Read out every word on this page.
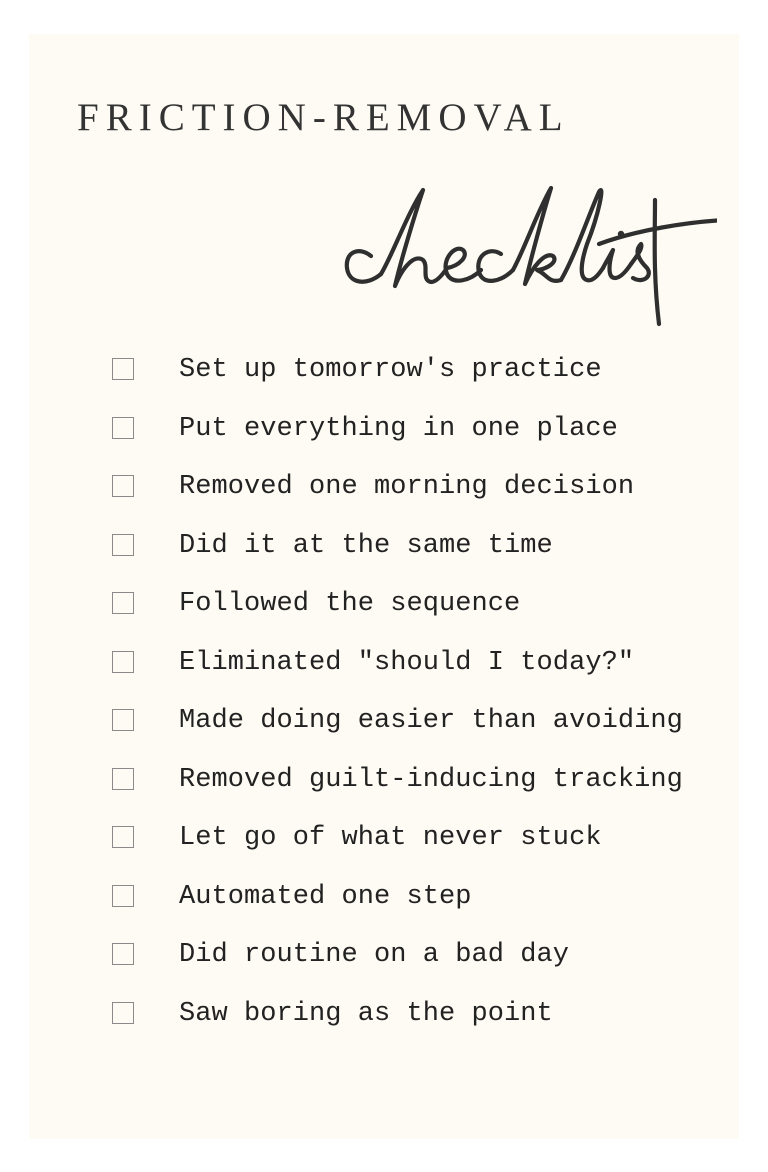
FRICTION-REMOVAL
Set up tomorrow's practice
Put everything in one place
Removed one morning decision
Did it at the same time
Followed the sequence
Eliminated "should I today?"
Made doing easier than avoiding
Removed guilt-inducing tracking
Let go of what never stuck
Automated one step
Did routine on a bad day
Saw boring as the point
